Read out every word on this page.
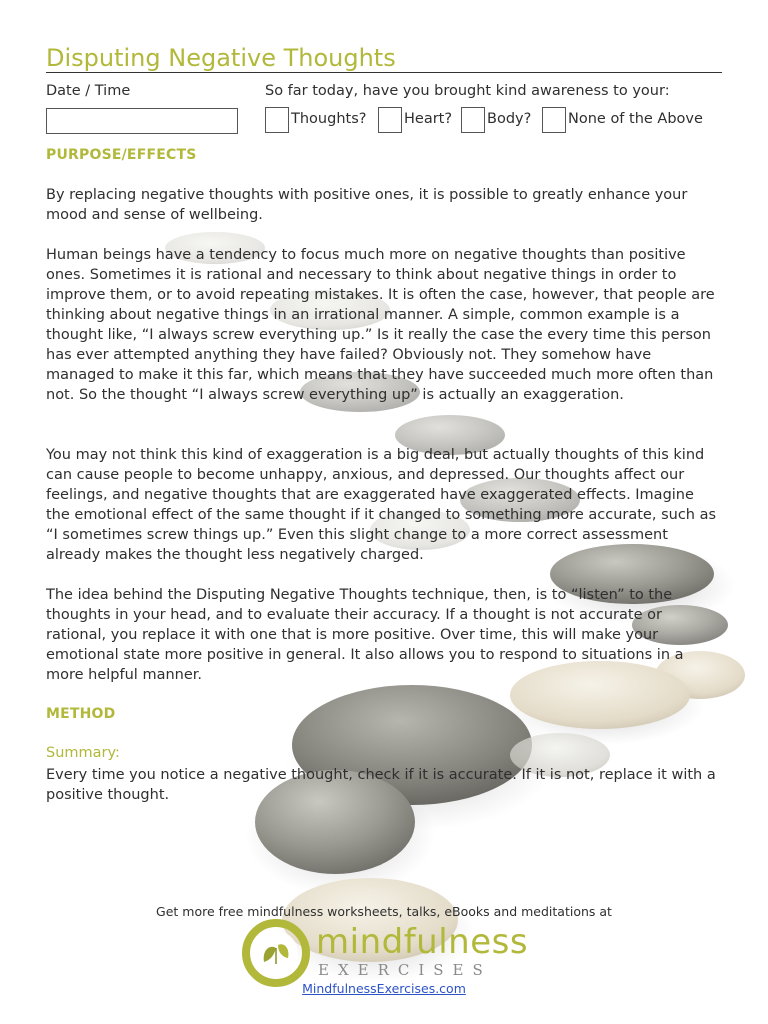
Disputing Negative Thoughts
Date / Time	So far today, have you brought kind awareness to your:
Thoughts?	Heart? Body?	None of the Above
PURPOSE/EFFECTS

By replacing negative thoughts with positive ones, it is possible to greatly enhance your mood and sense of wellbeing.

Human beings have a tendency to focus much more on negative thoughts than positive ones. Sometimes it is rational and necessary to think about negative things in order to improve them, or to avoid repeating mistakes. It is often the case, however, that people are thinking about negative things in an irrational manner. A simple, common example is a thought like, “I always screw everything up.” Is it really the case the every time this person has ever attempted anything they have failed? Obviously not. They somehow have managed to make it this far, which means that they have succeeded much more often than not. So the thought “I always screw everything up” is actually an exaggeration.

You may not think this kind of exaggeration is a big deal, but actually thoughts of this kind can cause people to become unhappy, anxious, and depressed. Our thoughts affect our feelings, and negative thoughts that are exaggerated have exaggerated effects. Imagine the emotional effect of the same thought if it changed to something more accurate, such as “I sometimes screw things up.” Even this slight change to a more correct assessment already makes the thought less negatively charged.

The idea behind the Disputing Negative Thoughts technique, then, is to “listen” to the thoughts in your head, and to evaluate their accuracy. If a thought is not accurate or rational, you replace it with one that is more positive. Over time, this will make your emotional state more positive in general. It also allows you to respond to situations in a more helpful manner.

METHOD
Summary:

Every time you notice a negative thought, check if it is accurate. If it is not, replace it with a positive thought.

Get more free mindfulness worksheets, talks, eBooks and meditations at
mindfulness
EXERCISES
MindfulnessExercises.com
